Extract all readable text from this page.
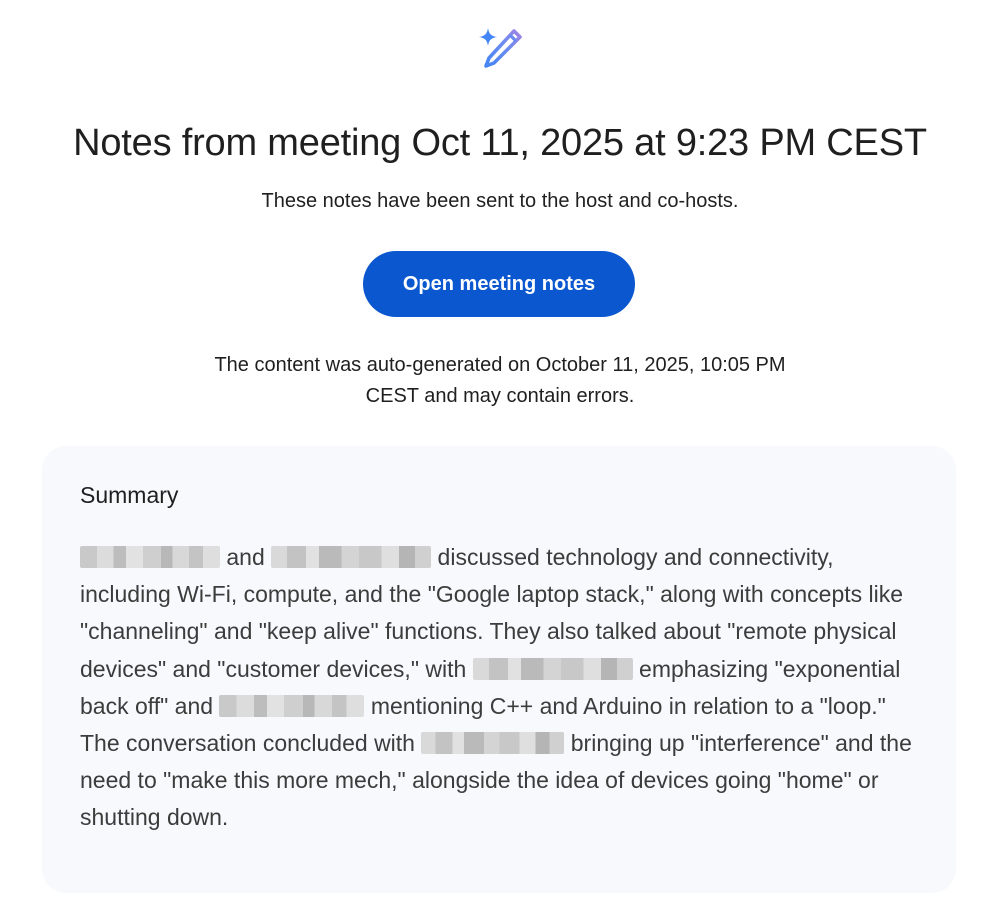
Notes from meeting Oct 11, 2025 at 9:23 PM CEST

These notes have been sent to the host and co-hosts.

Open meeting notes

The content was auto-generated on October 11, 2025, 10:05 PM
CEST and may contain errors.

Summary

and	discussed technology and connectivity, including Wi-Fi, compute, and the "Google laptop stack," along with concepts like "channeling" and "keep alive" functions. They also talked about "remote physical devices" and "customer devices," with	emphasizing "exponential back off" and	mentioning C++ and Arduino in relation to a "loop." The conversation concluded with	bringing up "interference" and the need to "make this more mech," alongside the idea of devices going "home" or shutting down.
